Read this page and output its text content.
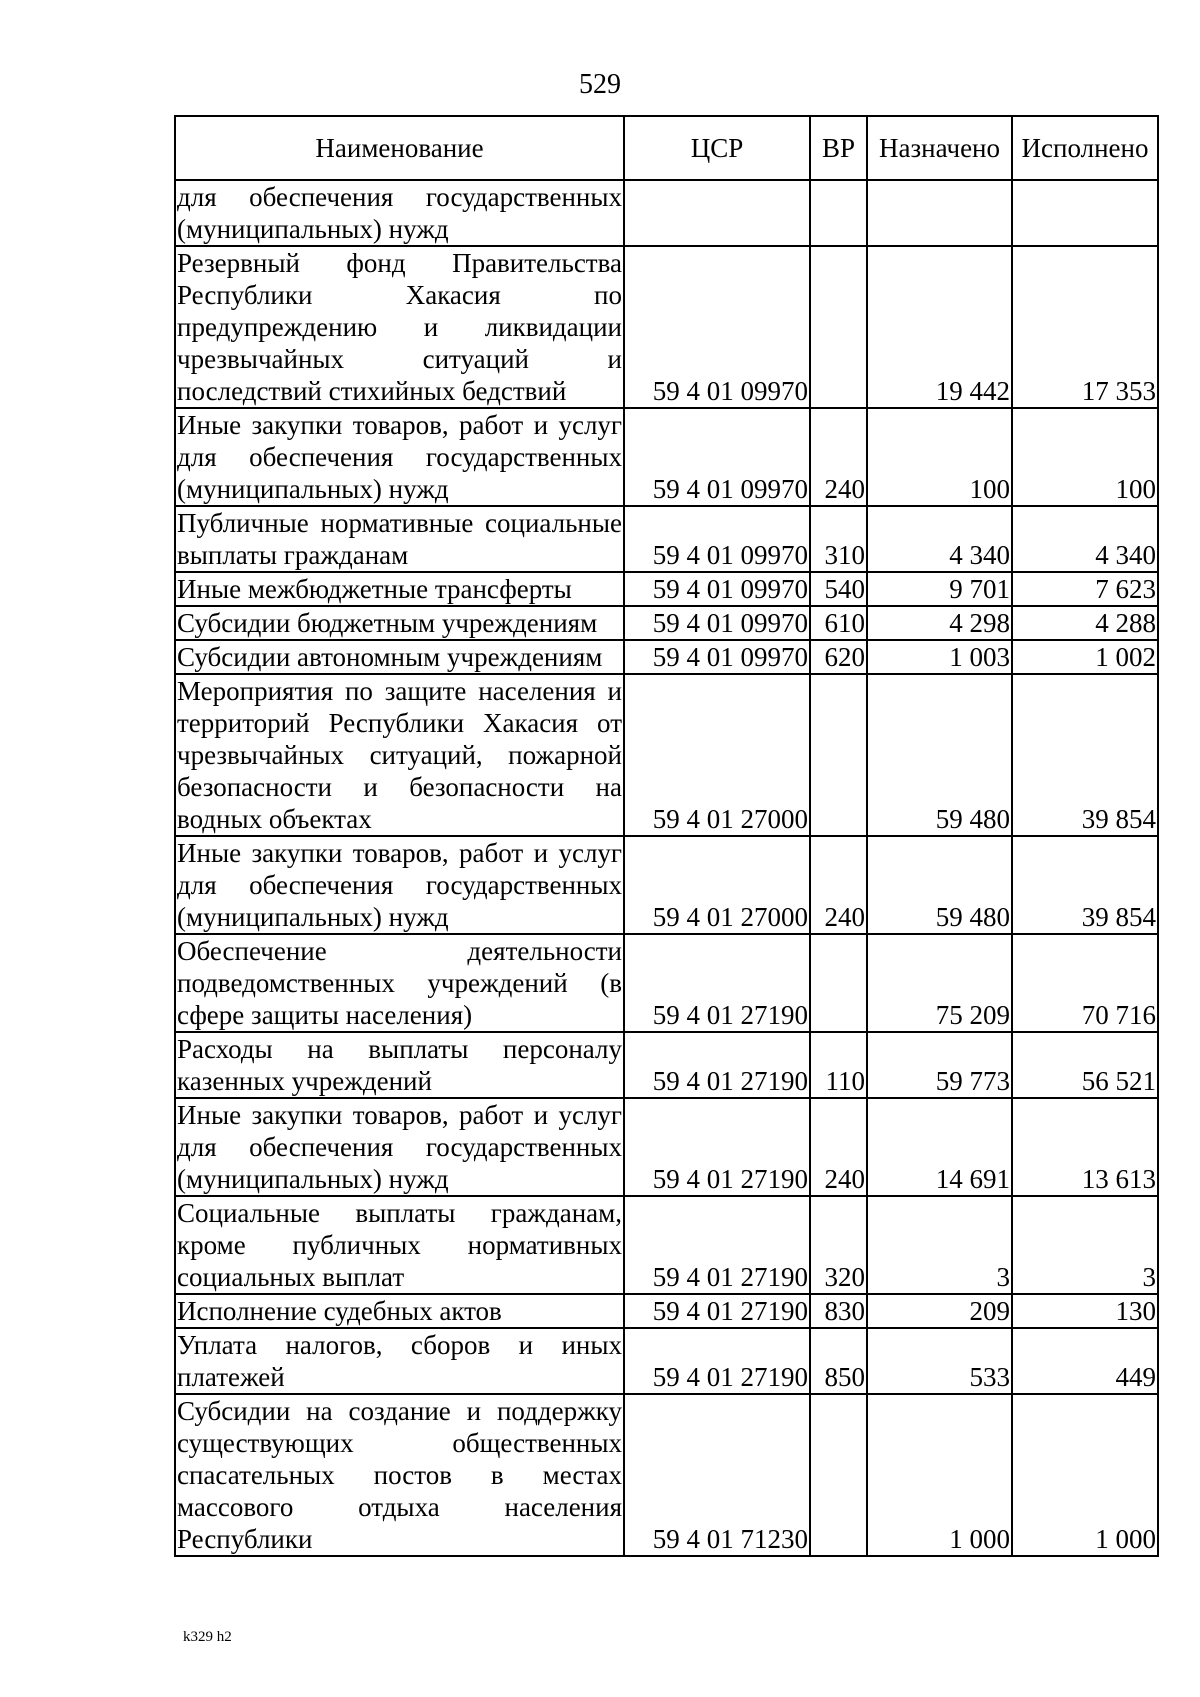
529
Наименование	ЦСР	ВР	Назначено	Исполнено
для обеспечения государственных (муниципальных) нужд				
Резервный фонд Правительства Республики Хакасия по предупреждению и ликвидации чрезвычайных ситуаций и последствий стихийных бедствий	59 4 01 09970		19 442	17 353
Иные закупки товаров, работ и услуг для обеспечения государственных (муниципальных) нужд	59 4 01 09970	240	100	100
Публичные нормативные социальные выплаты гражданам	59 4 01 09970	310	4 340	4 340
Иные межбюджетные трансферты	59 4 01 09970	540	9 701	7 623
Субсидии бюджетным учреждениям	59 4 01 09970	610	4 298	4 288
Субсидии автономным учреждениям	59 4 01 09970	620	1 003	1 002
Мероприятия по защите населения и территорий Республики Хакасия от чрезвычайных ситуаций, пожарной безопасности и безопасности на водных объектах	59 4 01 27000		59 480	39 854
Иные закупки товаров, работ и услуг для обеспечения государственных (муниципальных) нужд	59 4 01 27000	240	59 480	39 854
Обеспечение деятельности подведомственных учреждений (в сфере защиты населения)	59 4 01 27190		75 209	70 716
Расходы на выплаты персоналу казенных учреждений	59 4 01 27190	110	59 773	56 521
Иные закупки товаров, работ и услуг для обеспечения государственных (муниципальных) нужд	59 4 01 27190	240	14 691	13 613
Социальные выплаты гражданам, кроме публичных нормативных социальных выплат	59 4 01 27190	320	3	3
Исполнение судебных актов	59 4 01 27190	830	209	130
Уплата налогов, сборов и иных платежей	59 4 01 27190	850	533	449
Субсидии на создание и поддержку существующих общественных спасательных постов в местах массового отдыха населения Республики	59 4 01 71230		1 000	1 000
k329 h2
